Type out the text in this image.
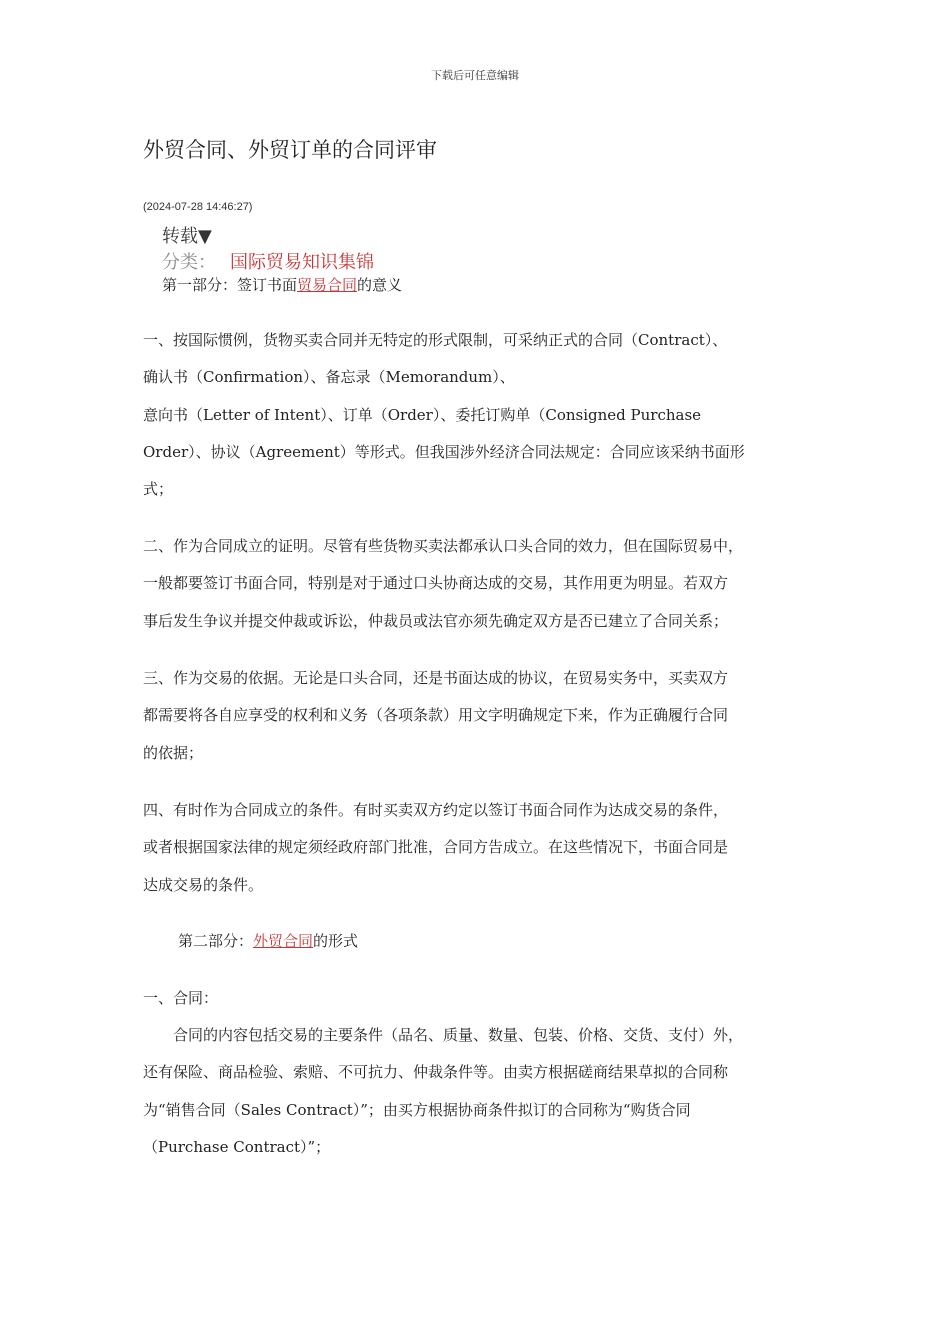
下载后可任意编辑
外贸合同、外贸订单的合同评审
(2024-07-28 14:46:27)
转载▼
分类： 国际贸易知识集锦
第一部分：签订书面贸易合同的意义

一、按国际惯例，货物买卖合同并无特定的形式限制，可采纳正式的合同（Contract）、
确认书（Confirmation）、备忘录（Memorandum）、
意向书（Letter of Intent）、订单（Order）、委托订购单（Consigned Purchase
Order）、协议（Agreement）等形式。但我国涉外经济合同法规定：合同应该采纳书面形
式；

二、作为合同成立的证明。尽管有些货物买卖法都承认口头合同的效力，但在国际贸易中，
一般都要签订书面合同，特别是对于通过口头协商达成的交易，其作用更为明显。若双方
事后发生争议并提交仲裁或诉讼，仲裁员或法官亦须先确定双方是否已建立了合同关系；

三、作为交易的依据。无论是口头合同，还是书面达成的协议，在贸易实务中，买卖双方
都需要将各自应享受的权利和义务（各项条款）用文字明确规定下来，作为正确履行合同
的依据；

四、有时作为合同成立的条件。有时买卖双方约定以签订书面合同作为达成交易的条件，
或者根据国家法律的规定须经政府部门批准，合同方告成立。在这些情况下，书面合同是
达成交易的条件。

第二部分：外贸合同的形式
一、合同：

　　合同的内容包括交易的主要条件（品名、质量、数量、包装、价格、交货、支付）外，
还有保险、商品检验、索赔、不可抗力、仲裁条件等。由卖方根据磋商结果草拟的合同称
为“销售合同（Sales Contract）”；由买方根据协商条件拟订的合同称为“购货合同
（Purchase Contract）”；
